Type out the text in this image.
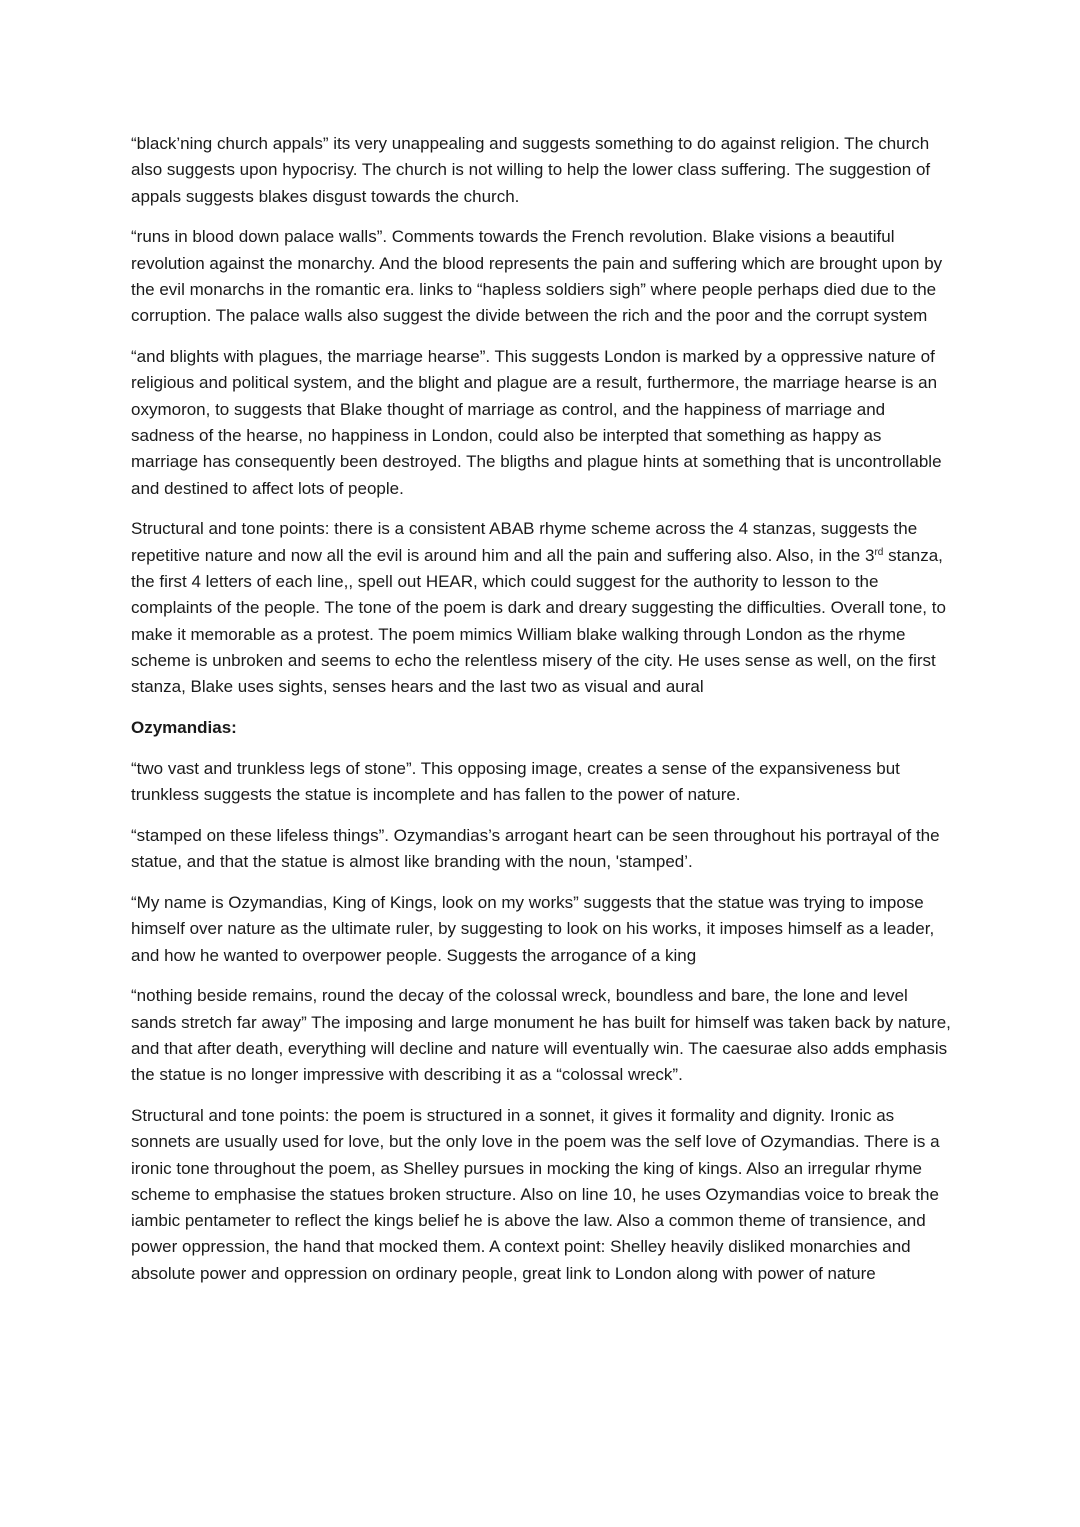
“black’ning church appals” its very unappealing and suggests something to do against religion. The church also suggests upon hypocrisy. The church is not willing to help the lower class suffering. The suggestion of appals suggests blakes disgust towards the church.

“runs in blood down palace walls”. Comments towards the French revolution. Blake visions a beautiful revolution against the monarchy. And the blood represents the pain and suffering which are brought upon by the evil monarchs in the romantic era. links to “hapless soldiers sigh” where people perhaps died due to the corruption. The palace walls also suggest the divide between the rich and the poor and the corrupt system

“and blights with plagues, the marriage hearse”. This suggests London is marked by a oppressive nature of religious and political system, and the blight and plague are a result, furthermore, the marriage hearse is an oxymoron, to suggests that Blake thought of marriage as control, and the happiness of marriage and sadness of the hearse, no happiness in London, could also be interpted that something as happy as marriage has consequently been destroyed. The bligths and plague hints at something that is uncontrollable and destined to affect lots of people.

Structural and tone points: there is a consistent ABAB rhyme scheme across the 4 stanzas, suggests the repetitive nature and now all the evil is around him and all the pain and suffering also. Also, in the 3rd stanza, the first 4 letters of each line,, spell out HEAR, which could suggest for the authority to lesson to the complaints of the people. The tone of the poem is dark and dreary suggesting the difficulties. Overall tone, to make it memorable as a protest. The poem mimics William blake walking through London as the rhyme scheme is unbroken and seems to echo the relentless misery of the city. He uses sense as well, on the first stanza, Blake uses sights, senses hears and the last two as visual and aural

Ozymandias:

“two vast and trunkless legs of stone”. This opposing image, creates a sense of the expansiveness but trunkless suggests the statue is incomplete and has fallen to the power of nature.

“stamped on these lifeless things”. Ozymandias’s arrogant heart can be seen throughout his portrayal of the statue, and that the statue is almost like branding with the noun, 'stamped’.

“My name is Ozymandias, King of Kings, look on my works” suggests that the statue was trying to impose himself over nature as the ultimate ruler, by suggesting to look on his works, it imposes himself as a leader, and how he wanted to overpower people. Suggests the arrogance of a king

“nothing beside remains, round the decay of the colossal wreck, boundless and bare, the lone and level sands stretch far away” The imposing and large monument he has built for himself was taken back by nature, and that after death, everything will decline and nature will eventually win. The caesurae also adds emphasis the statue is no longer impressive with describing it as a “colossal wreck”.

Structural and tone points: the poem is structured in a sonnet, it gives it formality and dignity. Ironic as sonnets are usually used for love, but the only love in the poem was the self love of Ozymandias. There is a ironic tone throughout the poem, as Shelley pursues in mocking the king of kings. Also an irregular rhyme scheme to emphasise the statues broken structure. Also on line 10, he uses Ozymandias voice to break the iambic pentameter to reflect the kings belief he is above the law. Also a common theme of transience, and power oppression, the hand that mocked them. A context point: Shelley heavily disliked monarchies and absolute power and oppression on ordinary people, great link to London along with power of nature
